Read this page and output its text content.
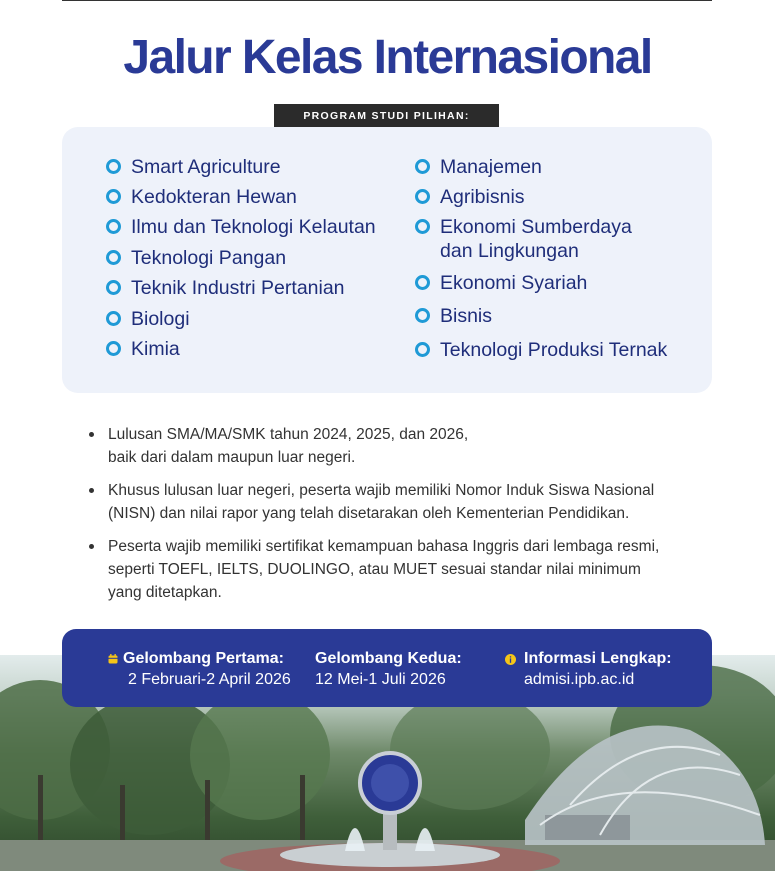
Jalur Kelas Internasional
PROGRAM STUDI PILIHAN:
Smart Agriculture
Kedokteran Hewan
Ilmu dan Teknologi Kelautan
Teknologi Pangan
Teknik Industri Pertanian
Biologi
Kimia
Manajemen
Agribisnis
Ekonomi Sumberdaya
dan Lingkungan
Ekonomi Syariah
Bisnis
Teknologi Produksi Ternak
Lulusan SMA/MA/SMK tahun 2024, 2025, dan 2026,
baik dari dalam maupun luar negeri.
Khusus lulusan luar negeri, peserta wajib memiliki Nomor Induk Siswa Nasional
(NISN) dan nilai rapor yang telah disetarakan oleh Kementerian Pendidikan.
Peserta wajib memiliki sertifikat kemampuan bahasa Inggris dari lembaga resmi,
seperti TOEFL, IELTS, DUOLINGO, atau MUET sesuai standar nilai minimum
yang ditetapkan.
Gelombang Pertama:
2 Februari-2 April 2026
Gelombang Kedua:
12 Mei-1 Juli 2026
Informasi Lengkap:
admisi.ipb.ac.id
